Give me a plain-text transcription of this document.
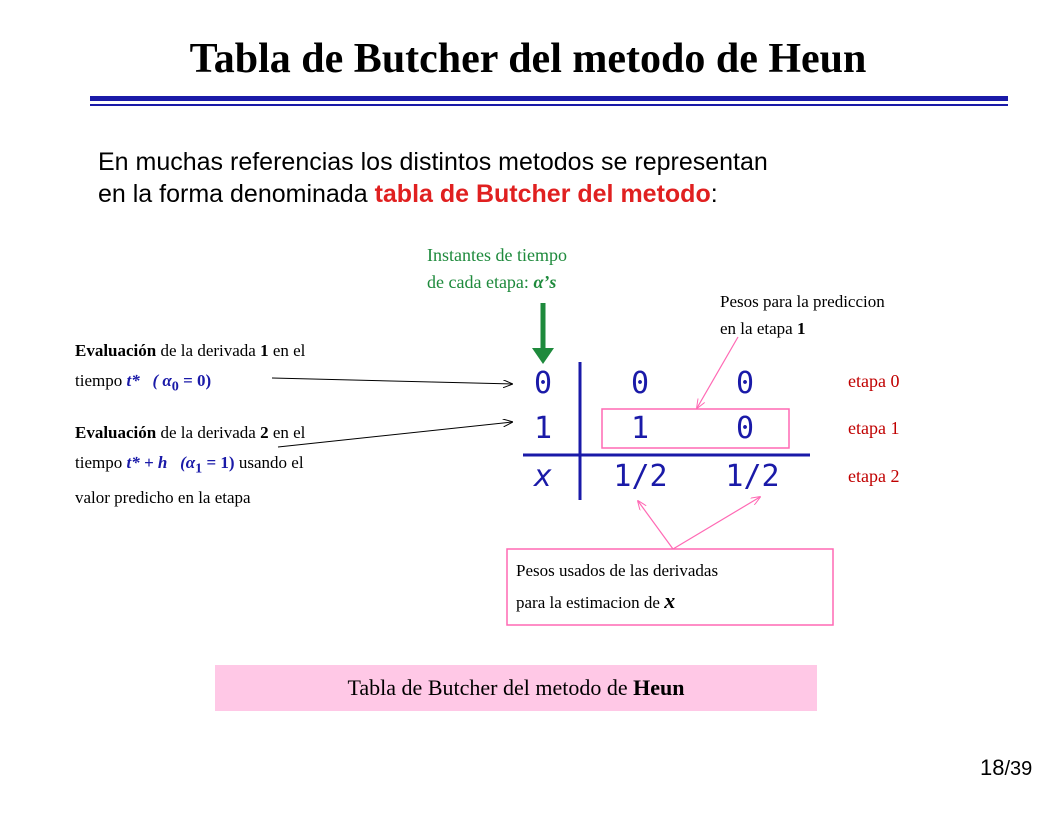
Tabla de Butcher del metodo de Heun
En muchas referencias los distintos metodos se representan
en la forma denominada tabla de Butcher del metodo:
Instantes de tiempo
de cada etapa: α’s
Pesos para la prediccion
en la etapa 1
Evaluación de la derivada 1 en el
tiempo t* ( $\alpha_0 = 0$)
Evaluación de la derivada 2 en el
tiempo t* + h $(\alpha_1 = 1)$ usando el
valor predicho en la etapa
0	0	0
1	1	0
x	1/2	1/2
etapa 0
etapa 1
etapa 2
Pesos usados de las derivadas
para la estimacion de x
Tabla de Butcher del metodo de Heun
18/39
